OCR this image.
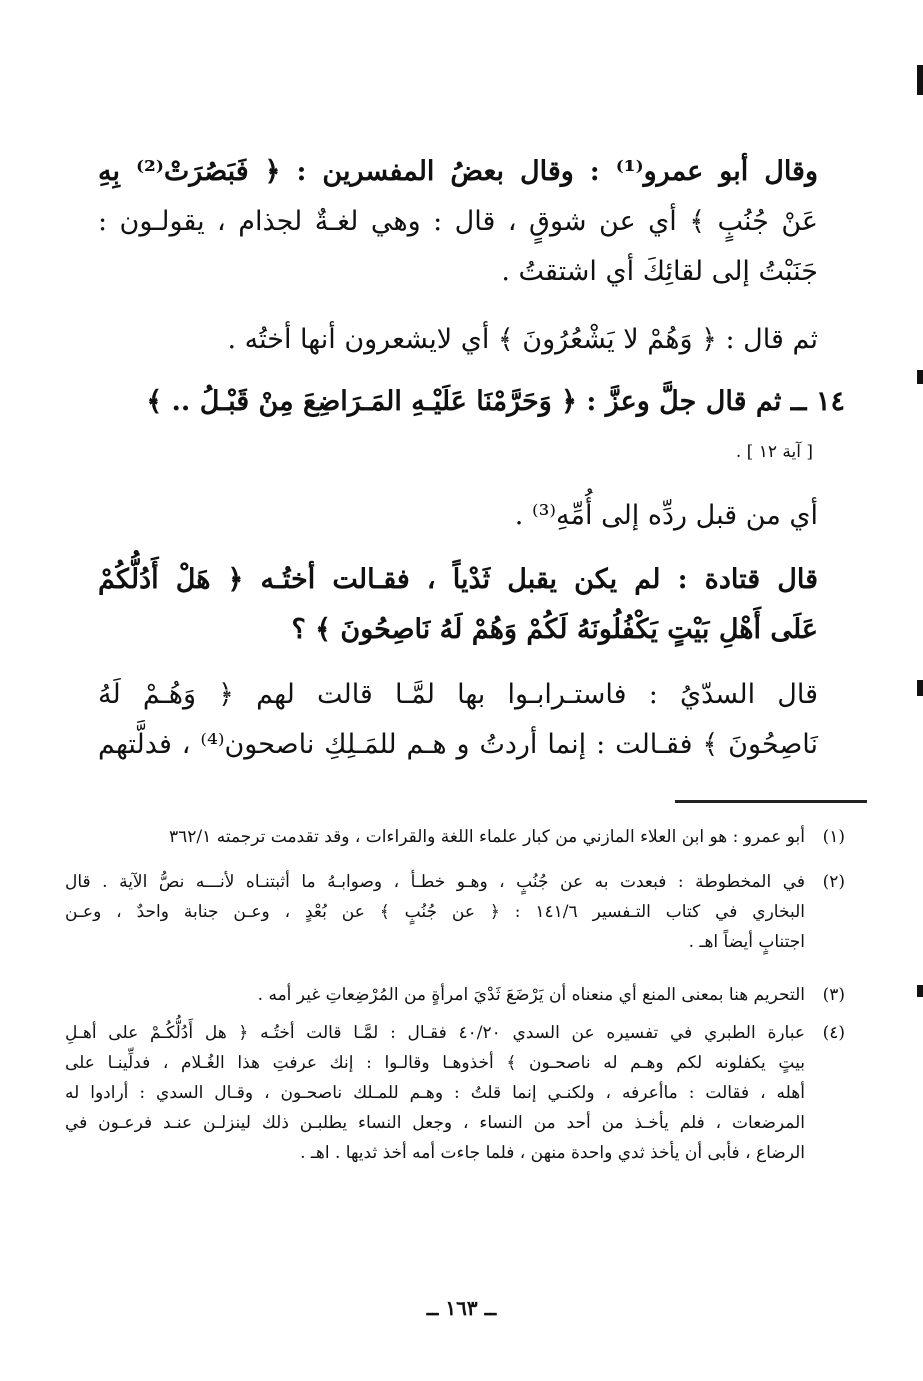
وقال أبو عمرو⁽¹⁾ : وقال بعضُ المفسرين : ﴿ فَبَصُرَتْ⁽²⁾ بِهِ
عَنْ جُنُبٍ ﴾ أي عن شوقٍ ، قال : وهي لغـةٌ لجذام ، يقولـون :
جَنَبْتُ إلى لقائِكَ أي اشتقتُ .
ثم قال : ﴿ وَهُمْ لا يَشْعُرُونَ ﴾ أي لايشعرون أنها أختُه .
١٤ ــ ثم قال جلَّ وعزَّ : ﴿ وَحَرَّمْنَا عَلَيْـهِ المَـرَاضِعَ مِنْ قَبْـلُ .. ﴾
[ آية ١٢ ] .
أي من قبل ردِّه إلى أُمِّهِ⁽³⁾ .
قال قتادة : لم يكن يقبل ثَدْياً ، فقـالت أختُـه ﴿ هَلْ أَدُلُّكُمْ
عَلَى أَهْلِ بَيْتٍ يَكْفُلُونَهُ لَكُمْ وَهُمْ لَهُ نَاصِحُونَ ﴾ ؟
قال السدّيُ : فاستـرابـوا بها لمَّـا قالت لهم ﴿ وَهُـمْ لَهُ
نَاصِحُونَ ﴾ فقـالت : إنما أردتُ و هـم للمَـلِكِ ناصحون⁽⁴⁾ ، فدلَّتهم
(١)
أبو عمرو : هو ابن العلاء المازني من كبار علماء اللغة والقراءات ، وقد تقدمت ترجمته ٣٦٢/١
(٢)
في المخطوطة : فبعدت به عن جُنُبٍ ، وهـو خطـأ ، وصوابـهُ ما أثبتنـاه لأنـــه نصُّ الآية . قال
البخاري في كتاب التـفسير ١٤١/٦ : ﴿ عن جُنُبٍ ﴾ عن بُعْدٍ ، وعـن جنابة واحدٌ ، وعـن
اجتنابٍ أيضاً اهـ .
(٣)
التحريم هنا بمعنى المنع أي منعناه أن يَرْضَعَ ثَدْيَ امرأةٍ من المُرْضِعاتِ غير أمه .
(٤)
عبارة الطبري في تفسيره عن السدي ٤٠/٢٠ فقـال : لمَّـا قالت أختُـه ﴿ هل أَدُلُّكُـمْ على أهـلِ
بيتٍ يكفلونه لكم وهـم له ناصحـون ﴾ أخذوهـا وقالـوا : إنك عرفتِ هذا الغُـلام ، فدلِّينـا على
أهله ، فقالت : ماأعرفه ، ولكنـي إنما قلتُ : وهـم للمـلك ناصحـون ، وقـال السدي : أرادوا له
المرضعات ، فلم يأخـذ من أحد من النساء ، وجعل النساء يطلبـن ذلك لينزلـن عنـد فرعـون في
الرضاع ، فأبى أن يأخذ ثدي واحدة منهن ، فلما جاءت أمه أخذ ثديها . اهـ .
ــ ١٦٣ ــ
